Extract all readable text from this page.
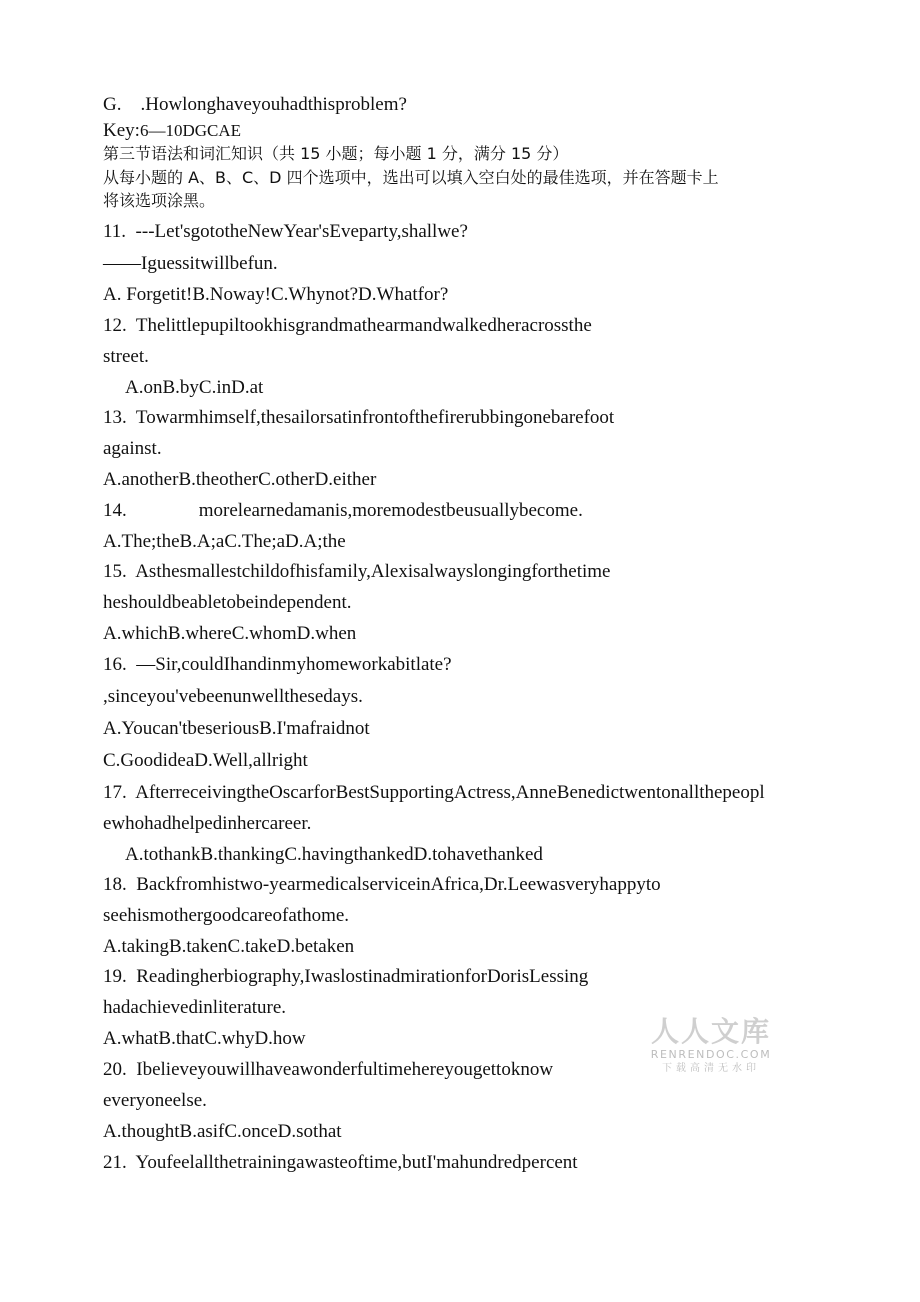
G.　.Howlonghaveyouhadthisproblem?
Key:6—10DGCAE
第三节语法和词汇知识（共 15 小题；每小题 1 分，满分 15 分）
从每小题的 A、B、C、D 四个选项中，选出可以填入空白处的最佳选项，并在答题卡上
将该选项涂黑。
11. ---Let'sgototheNewYear'sEveparty,shallwe?
——Iguessitwillbefun.
A. Forgetit!B.Noway!C.Whynot?D.Whatfor?
12. Thelittlepupiltookhisgrandmathearmandwalkedheracrossthe
street.
A.onB.byC.inD.at
13. Towarmhimself,thesailorsatinfrontofthefirerubbingonebarefoot
against.
A.anotherB.theotherC.otherD.either
14.	morelearnedamanis,moremodestbeusuallybecome.
A.The;theB.A;aC.The;aD.A;the
15. Asthesmallestchildofhisfamily,Alexisalwayslongingforthetime
heshouldbeabletobeindependent.
A.whichB.whereC.whomD.when
16. —Sir,couldIhandinmyhomeworkabitlate?
,sinceyou'vebeenunwellthesedays.
A.Youcan'tbeseriousB.I'mafraidnot
C.GoodideaD.Well,allright
17. AfterreceivingtheOscarforBestSupportingActress,AnneBenedictwentonallthepeopl
ewhohadhelpedinhercareer.
A.tothankB.thankingC.havingthankedD.tohavethanked
18. Backfromhistwo-yearmedicalserviceinAfrica,Dr.Leewasveryhappyto
seehismothergoodcareofathome.
A.takingB.takenC.takeD.betaken
19. Readingherbiography,IwaslostinadmirationforDorisLessing
hadachievedinliterature.
A.whatB.thatC.whyD.how
20. Ibelieveyouwillhaveawonderfultimehereyougettoknow
everyoneelse.
A.thoughtB.asifC.onceD.sothat
21. Youfeelallthetrainingawasteoftime,butI'mahundredpercent
人人文库
RENRENDOC.COM
下载高清无水印
